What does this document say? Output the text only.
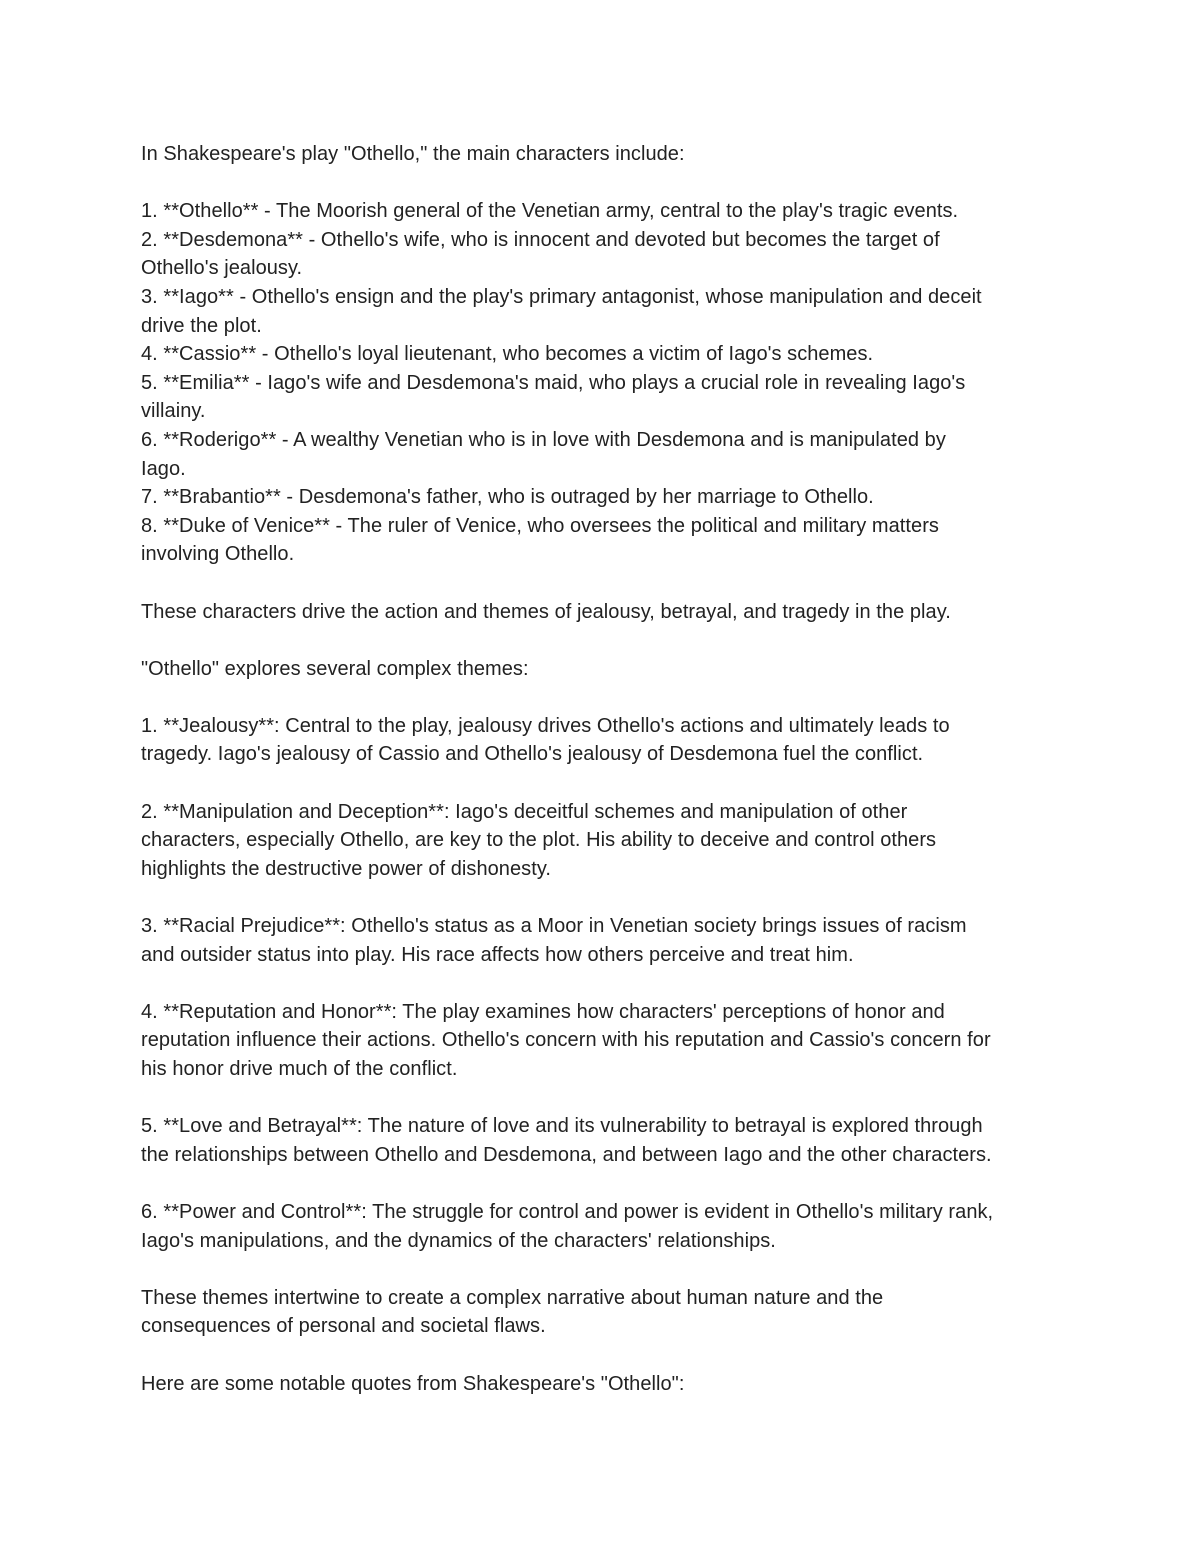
In Shakespeare's play "Othello," the main characters include:
1. **Othello** - The Moorish general of the Venetian army, central to the play's tragic events.
2. **Desdemona** - Othello's wife, who is innocent and devoted but becomes the target of
Othello's jealousy.
3. **Iago** - Othello's ensign and the play's primary antagonist, whose manipulation and deceit
drive the plot.
4. **Cassio** - Othello's loyal lieutenant, who becomes a victim of Iago's schemes.
5. **Emilia** - Iago's wife and Desdemona's maid, who plays a crucial role in revealing Iago's
villainy.
6. **Roderigo** - A wealthy Venetian who is in love with Desdemona and is manipulated by
Iago.
7. **Brabantio** - Desdemona's father, who is outraged by her marriage to Othello.
8. **Duke of Venice** - The ruler of Venice, who oversees the political and military matters
involving Othello.
These characters drive the action and themes of jealousy, betrayal, and tragedy in the play.
"Othello" explores several complex themes:
1. **Jealousy**: Central to the play, jealousy drives Othello's actions and ultimately leads to
tragedy. Iago's jealousy of Cassio and Othello's jealousy of Desdemona fuel the conflict.
2. **Manipulation and Deception**: Iago's deceitful schemes and manipulation of other
characters, especially Othello, are key to the plot. His ability to deceive and control others
highlights the destructive power of dishonesty.
3. **Racial Prejudice**: Othello's status as a Moor in Venetian society brings issues of racism
and outsider status into play. His race affects how others perceive and treat him.
4. **Reputation and Honor**: The play examines how characters' perceptions of honor and
reputation influence their actions. Othello's concern with his reputation and Cassio's concern for
his honor drive much of the conflict.
5. **Love and Betrayal**: The nature of love and its vulnerability to betrayal is explored through
the relationships between Othello and Desdemona, and between Iago and the other characters.
6. **Power and Control**: The struggle for control and power is evident in Othello's military rank,
Iago's manipulations, and the dynamics of the characters' relationships.
These themes intertwine to create a complex narrative about human nature and the
consequences of personal and societal flaws.
Here are some notable quotes from Shakespeare's "Othello":
